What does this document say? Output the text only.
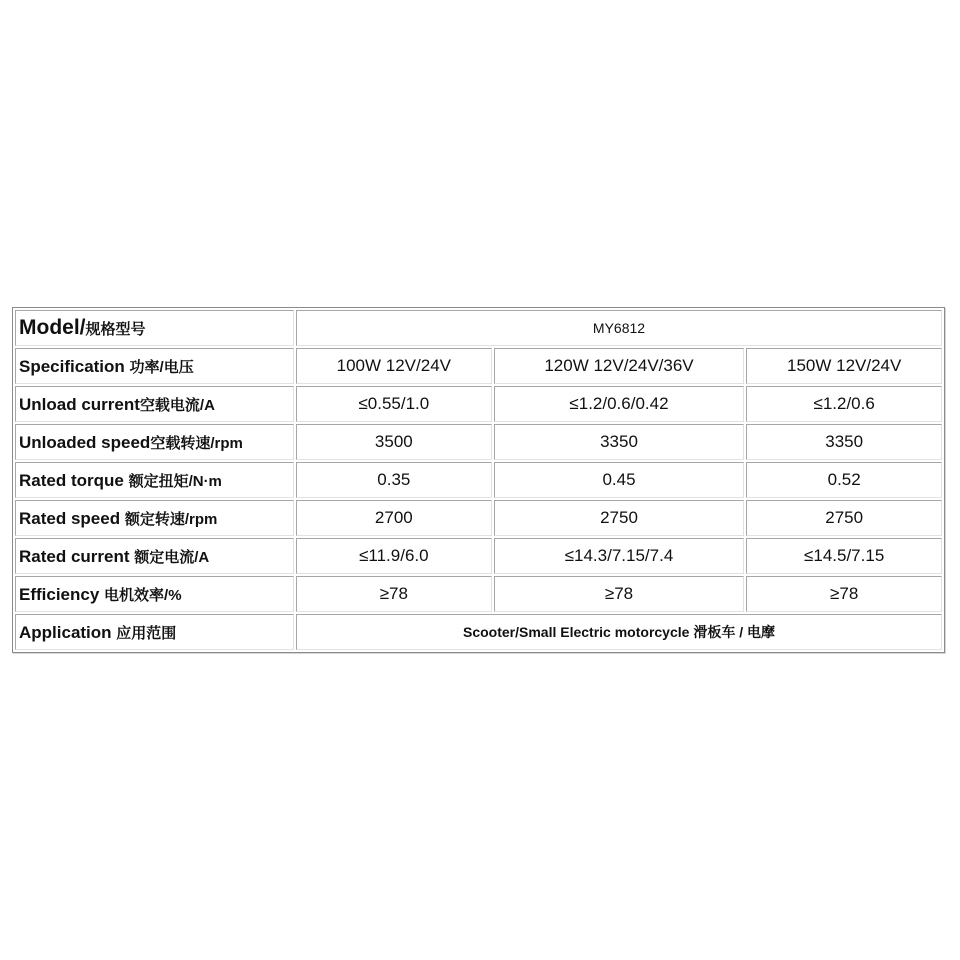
Model/规格型号	MY6812		
Specification 功率/电压	100W 12V/24V	120W 12V/24V/36V	150W 12V/24V
Unload current空载电流/A	≤0.55/1.0	≤1.2/0.6/0.42	≤1.2/0.6
Unloaded speed空载转速/rpm	3500	3350	3350
Rated torque 额定扭矩/N·m	0.35	0.45	0.52
Rated speed 额定转速/rpm	2700	2750	2750
Rated current 额定电流/A	≤11.9/6.0	≤14.3/7.15/7.4	≤14.5/7.15
Efficiency 电机效率/%	≥78	≥78	≥78
Application 应用范围	Scooter/Small Electric motorcycle 滑板车 / 电摩		
